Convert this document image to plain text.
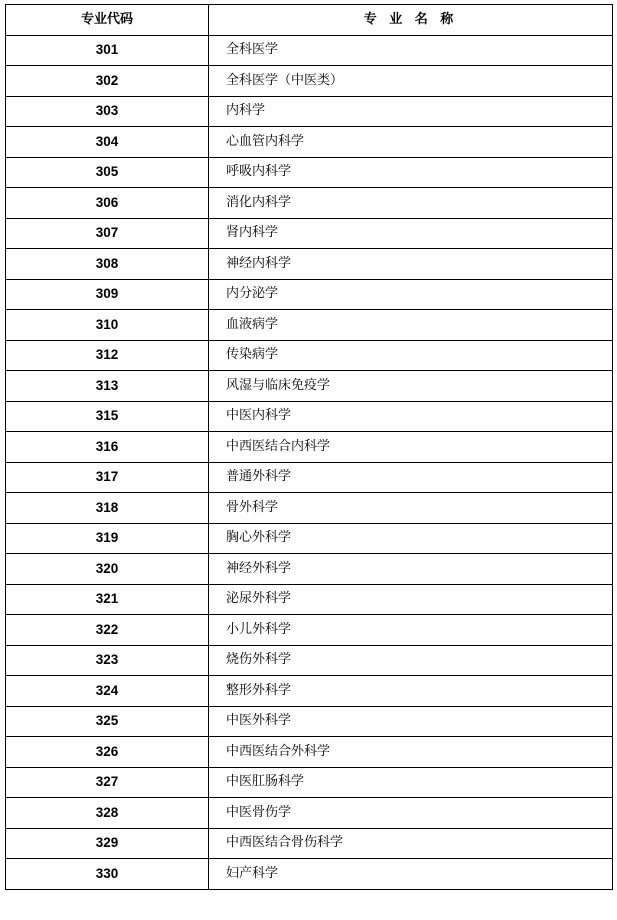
专业代码	专 业 名 称
301	全科医学
302	全科医学（中医类）
303	内科学
304	心血管内科学
305	呼吸内科学
306	消化内科学
307	肾内科学
308	神经内科学
309	内分泌学
310	血液病学
312	传染病学
313	风湿与临床免疫学
315	中医内科学
316	中西医结合内科学
317	普通外科学
318	骨外科学
319	胸心外科学
320	神经外科学
321	泌尿外科学
322	小儿外科学
323	烧伤外科学
324	整形外科学
325	中医外科学
326	中西医结合外科学
327	中医肛肠科学
328	中医骨伤学
329	中西医结合骨伤科学
330	妇产科学
